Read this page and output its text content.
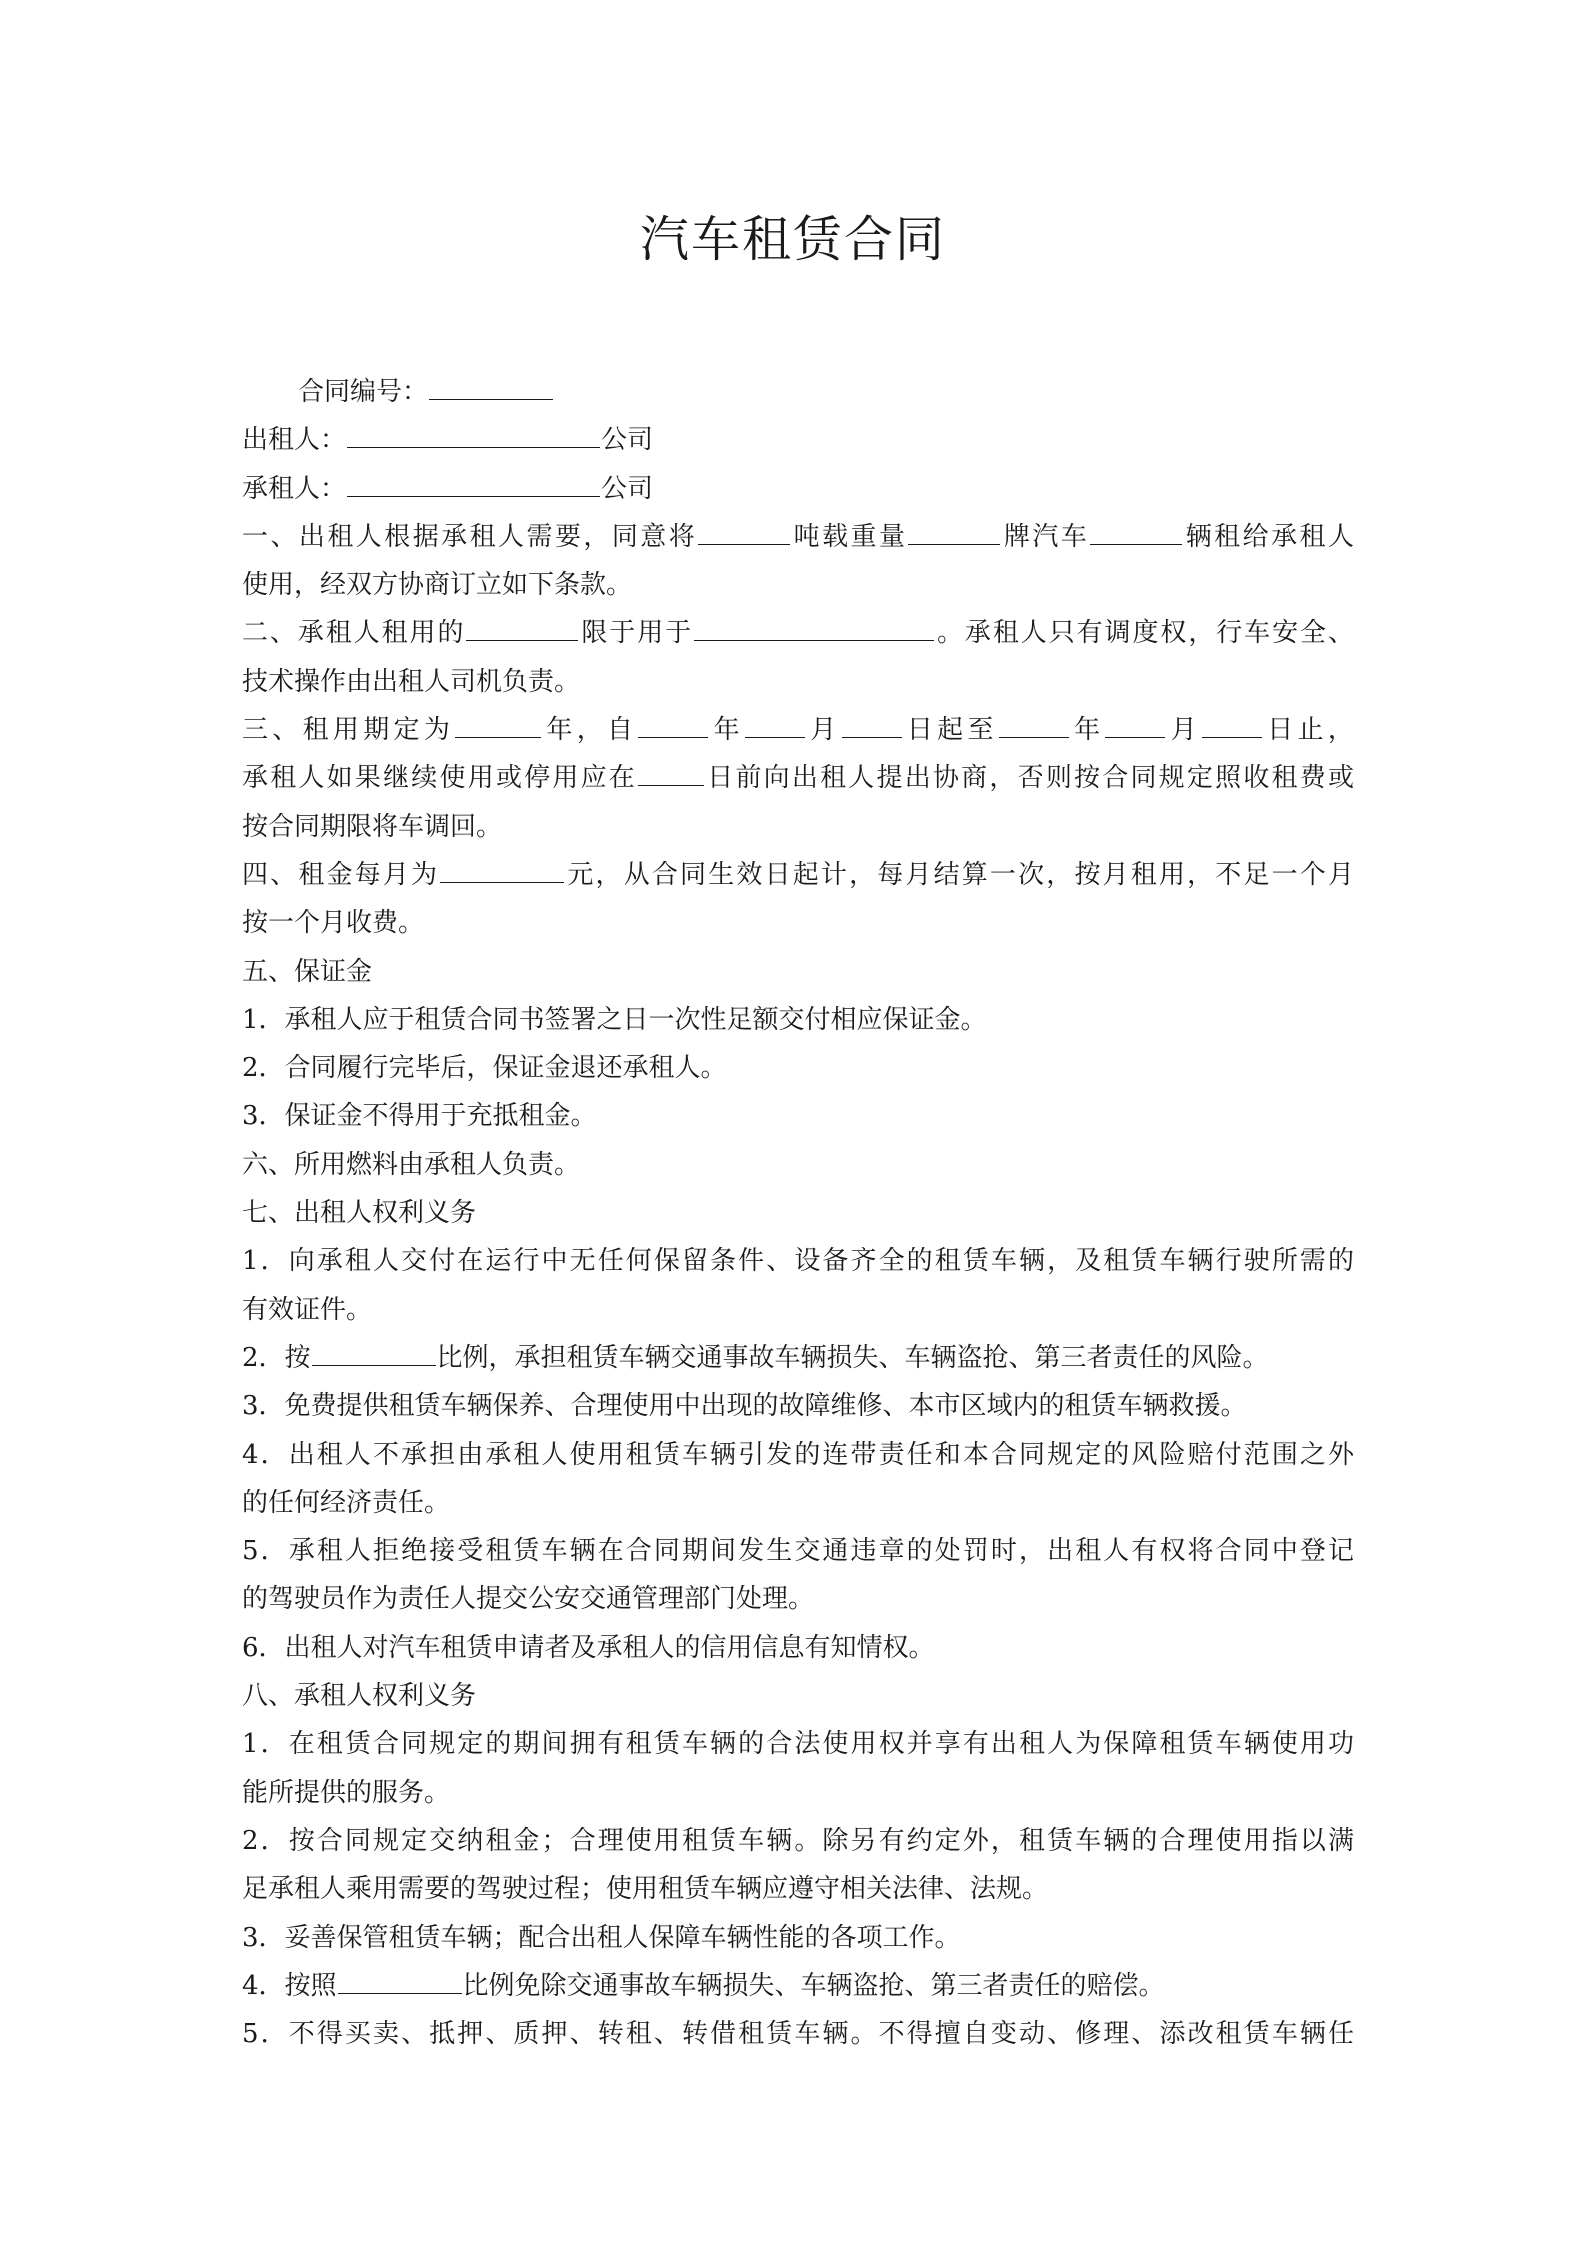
汽车租赁合同
合同编号：
出租人：	公司
承租人：	公司
一、出租人根据承租人需要，同意将	吨载重量	牌汽车	辆租给承租人
使用，经双方协商订立如下条款。
二、承租人租用的	限于用于	。承租人只有调度权，行车安全、
技术操作由出租人司机负责。
三、租用期定为	年，自	年 月 日起至	年 月 日止，
承租人如果继续使用或停用应在	日前向出租人提出协商，否则按合同规定照收租费或
按合同期限将车调回。
四、租金每月为	元，从合同生效日起计，每月结算一次，按月租用，不足一个月
按一个月收费。
五、保证金
1．承租人应于租赁合同书签署之日一次性足额交付相应保证金。
2．合同履行完毕后，保证金退还承租人。
3．保证金不得用于充抵租金。
六、所用燃料由承租人负责。
七、出租人权利义务
1．向承租人交付在运行中无任何保留条件、设备齐全的租赁车辆，及租赁车辆行驶所需的
有效证件。
2．按	比例，承担租赁车辆交通事故车辆损失、车辆盗抢、第三者责任的风险。
3．免费提供租赁车辆保养、合理使用中出现的故障维修、本市区域内的租赁车辆救援。
4．出租人不承担由承租人使用租赁车辆引发的连带责任和本合同规定的风险赔付范围之外
的任何经济责任。
5．承租人拒绝接受租赁车辆在合同期间发生交通违章的处罚时，出租人有权将合同中登记
的驾驶员作为责任人提交公安交通管理部门处理。
6．出租人对汽车租赁申请者及承租人的信用信息有知情权。
八、承租人权利义务
1．在租赁合同规定的期间拥有租赁车辆的合法使用权并享有出租人为保障租赁车辆使用功
能所提供的服务。
2．按合同规定交纳租金；合理使用租赁车辆。除另有约定外，租赁车辆的合理使用指以满
足承租人乘用需要的驾驶过程；使用租赁车辆应遵守相关法律、法规。
3．妥善保管租赁车辆；配合出租人保障车辆性能的各项工作。
4．按照	比例免除交通事故车辆损失、车辆盗抢、第三者责任的赔偿。
5．不得买卖、抵押、质押、转租、转借租赁车辆。不得擅自变动、修理、添改租赁车辆任
